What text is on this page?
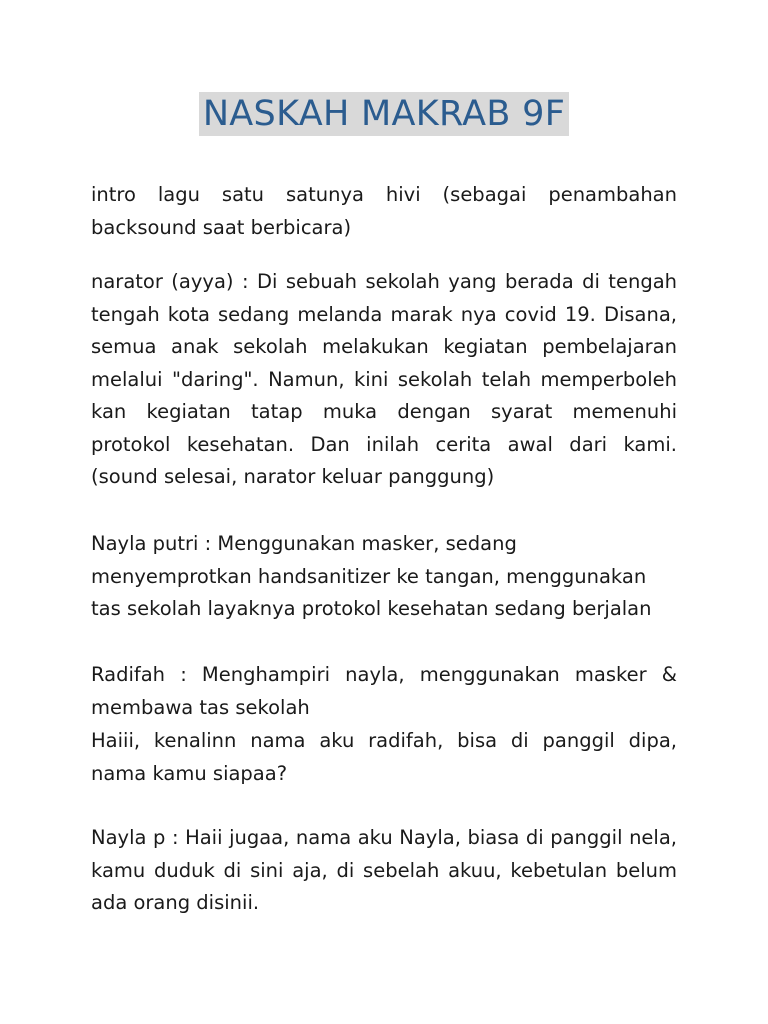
NASKAH MAKRAB 9F

intro lagu satu satunya hivi (sebagai penambahan backsound saat berbicara)

narator (ayya) : Di sebuah sekolah yang berada di tengah tengah kota sedang melanda marak nya covid 19. Disana, semua anak sekolah melakukan kegiatan pembelajaran melalui "daring". Namun, kini sekolah telah memperboleh kan kegiatan tatap muka dengan syarat memenuhi protokol kesehatan. Dan inilah cerita awal dari kami. (sound selesai, narator keluar panggung)

Nayla putri : Menggunakan masker, sedang menyemprotkan handsanitizer ke tangan, menggunakan tas sekolah layaknya protokol kesehatan sedang berjalan

Radifah : Menghampiri nayla, menggunakan masker & membawa tas sekolah

Haiii, kenalinn nama aku radifah, bisa di panggil dipa, nama kamu siapaa?

Nayla p : Haii jugaa, nama aku Nayla, biasa di panggil nela, kamu duduk di sini aja, di sebelah akuu, kebetulan belum ada orang disinii.
